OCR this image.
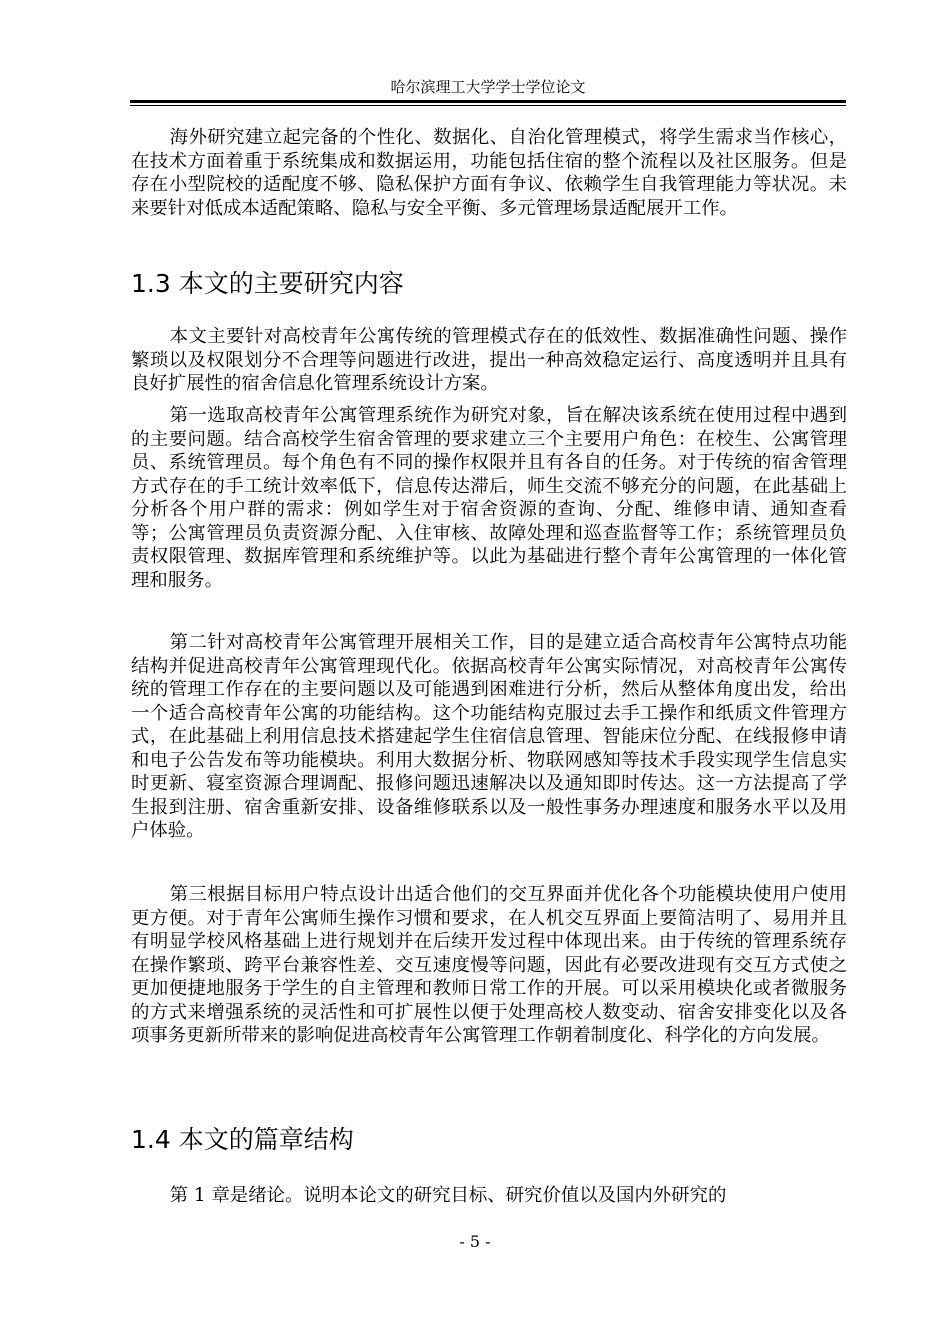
哈尔滨理工大学学士学位论文

海外研究建立起完备的个性化、数据化、自治化管理模式，将学生需求当作核心，在技术方面着重于系统集成和数据运用，功能包括住宿的整个流程以及社区服务。但是存在小型院校的适配度不够、隐私保护方面有争议、依赖学生自我管理能力等状况。未来要针对低成本适配策略、隐私与安全平衡、多元管理场景适配展开工作。

1.3 本文的主要研究内容

本文主要针对高校青年公寓传统的管理模式存在的低效性、数据准确性问题、操作繁琐以及权限划分不合理等问题进行改进，提出一种高效稳定运行、高度透明并且具有良好扩展性的宿舍信息化管理系统设计方案。

第一选取高校青年公寓管理系统作为研究对象，旨在解决该系统在使用过程中遇到的主要问题。结合高校学生宿舍管理的要求建立三个主要用户角色：在校生、公寓管理员、系统管理员。每个角色有不同的操作权限并且有各自的任务。对于传统的宿舍管理方式存在的手工统计效率低下，信息传达滞后，师生交流不够充分的问题，在此基础上分析各个用户群的需求：例如学生对于宿舍资源的查询、分配、维修申请、通知查看等；公寓管理员负责资源分配、入住审核、故障处理和巡查监督等工作；系统管理员负责权限管理、数据库管理和系统维护等。以此为基础进行整个青年公寓管理的一体化管理和服务。

第二针对高校青年公寓管理开展相关工作，目的是建立适合高校青年公寓特点功能结构并促进高校青年公寓管理现代化。依据高校青年公寓实际情况，对高校青年公寓传统的管理工作存在的主要问题以及可能遇到困难进行分析，然后从整体角度出发，给出一个适合高校青年公寓的功能结构。这个功能结构克服过去手工操作和纸质文件管理方式，在此基础上利用信息技术搭建起学生住宿信息管理、智能床位分配、在线报修申请和电子公告发布等功能模块。利用大数据分析、物联网感知等技术手段实现学生信息实时更新、寝室资源合理调配、报修问题迅速解决以及通知即时传达。这一方法提高了学生报到注册、宿舍重新安排、设备维修联系以及一般性事务办理速度和服务水平以及用户体验。

第三根据目标用户特点设计出适合他们的交互界面并优化各个功能模块使用户使用更方便。对于青年公寓师生操作习惯和要求，在人机交互界面上要简洁明了、易用并且有明显学校风格基础上进行规划并在后续开发过程中体现出来。由于传统的管理系统存在操作繁琐、跨平台兼容性差、交互速度慢等问题，因此有必要改进现有交互方式使之更加便捷地服务于学生的自主管理和教师日常工作的开展。可以采用模块化或者微服务的方式来增强系统的灵活性和可扩展性以便于处理高校人数变动、宿舍安排变化以及各项事务更新所带来的影响促进高校青年公寓管理工作朝着制度化、科学化的方向发展。

1.4 本文的篇章结构

第 1 章是绪论。说明本论文的研究目标、研究价值以及国内外研究的

- 5 -
